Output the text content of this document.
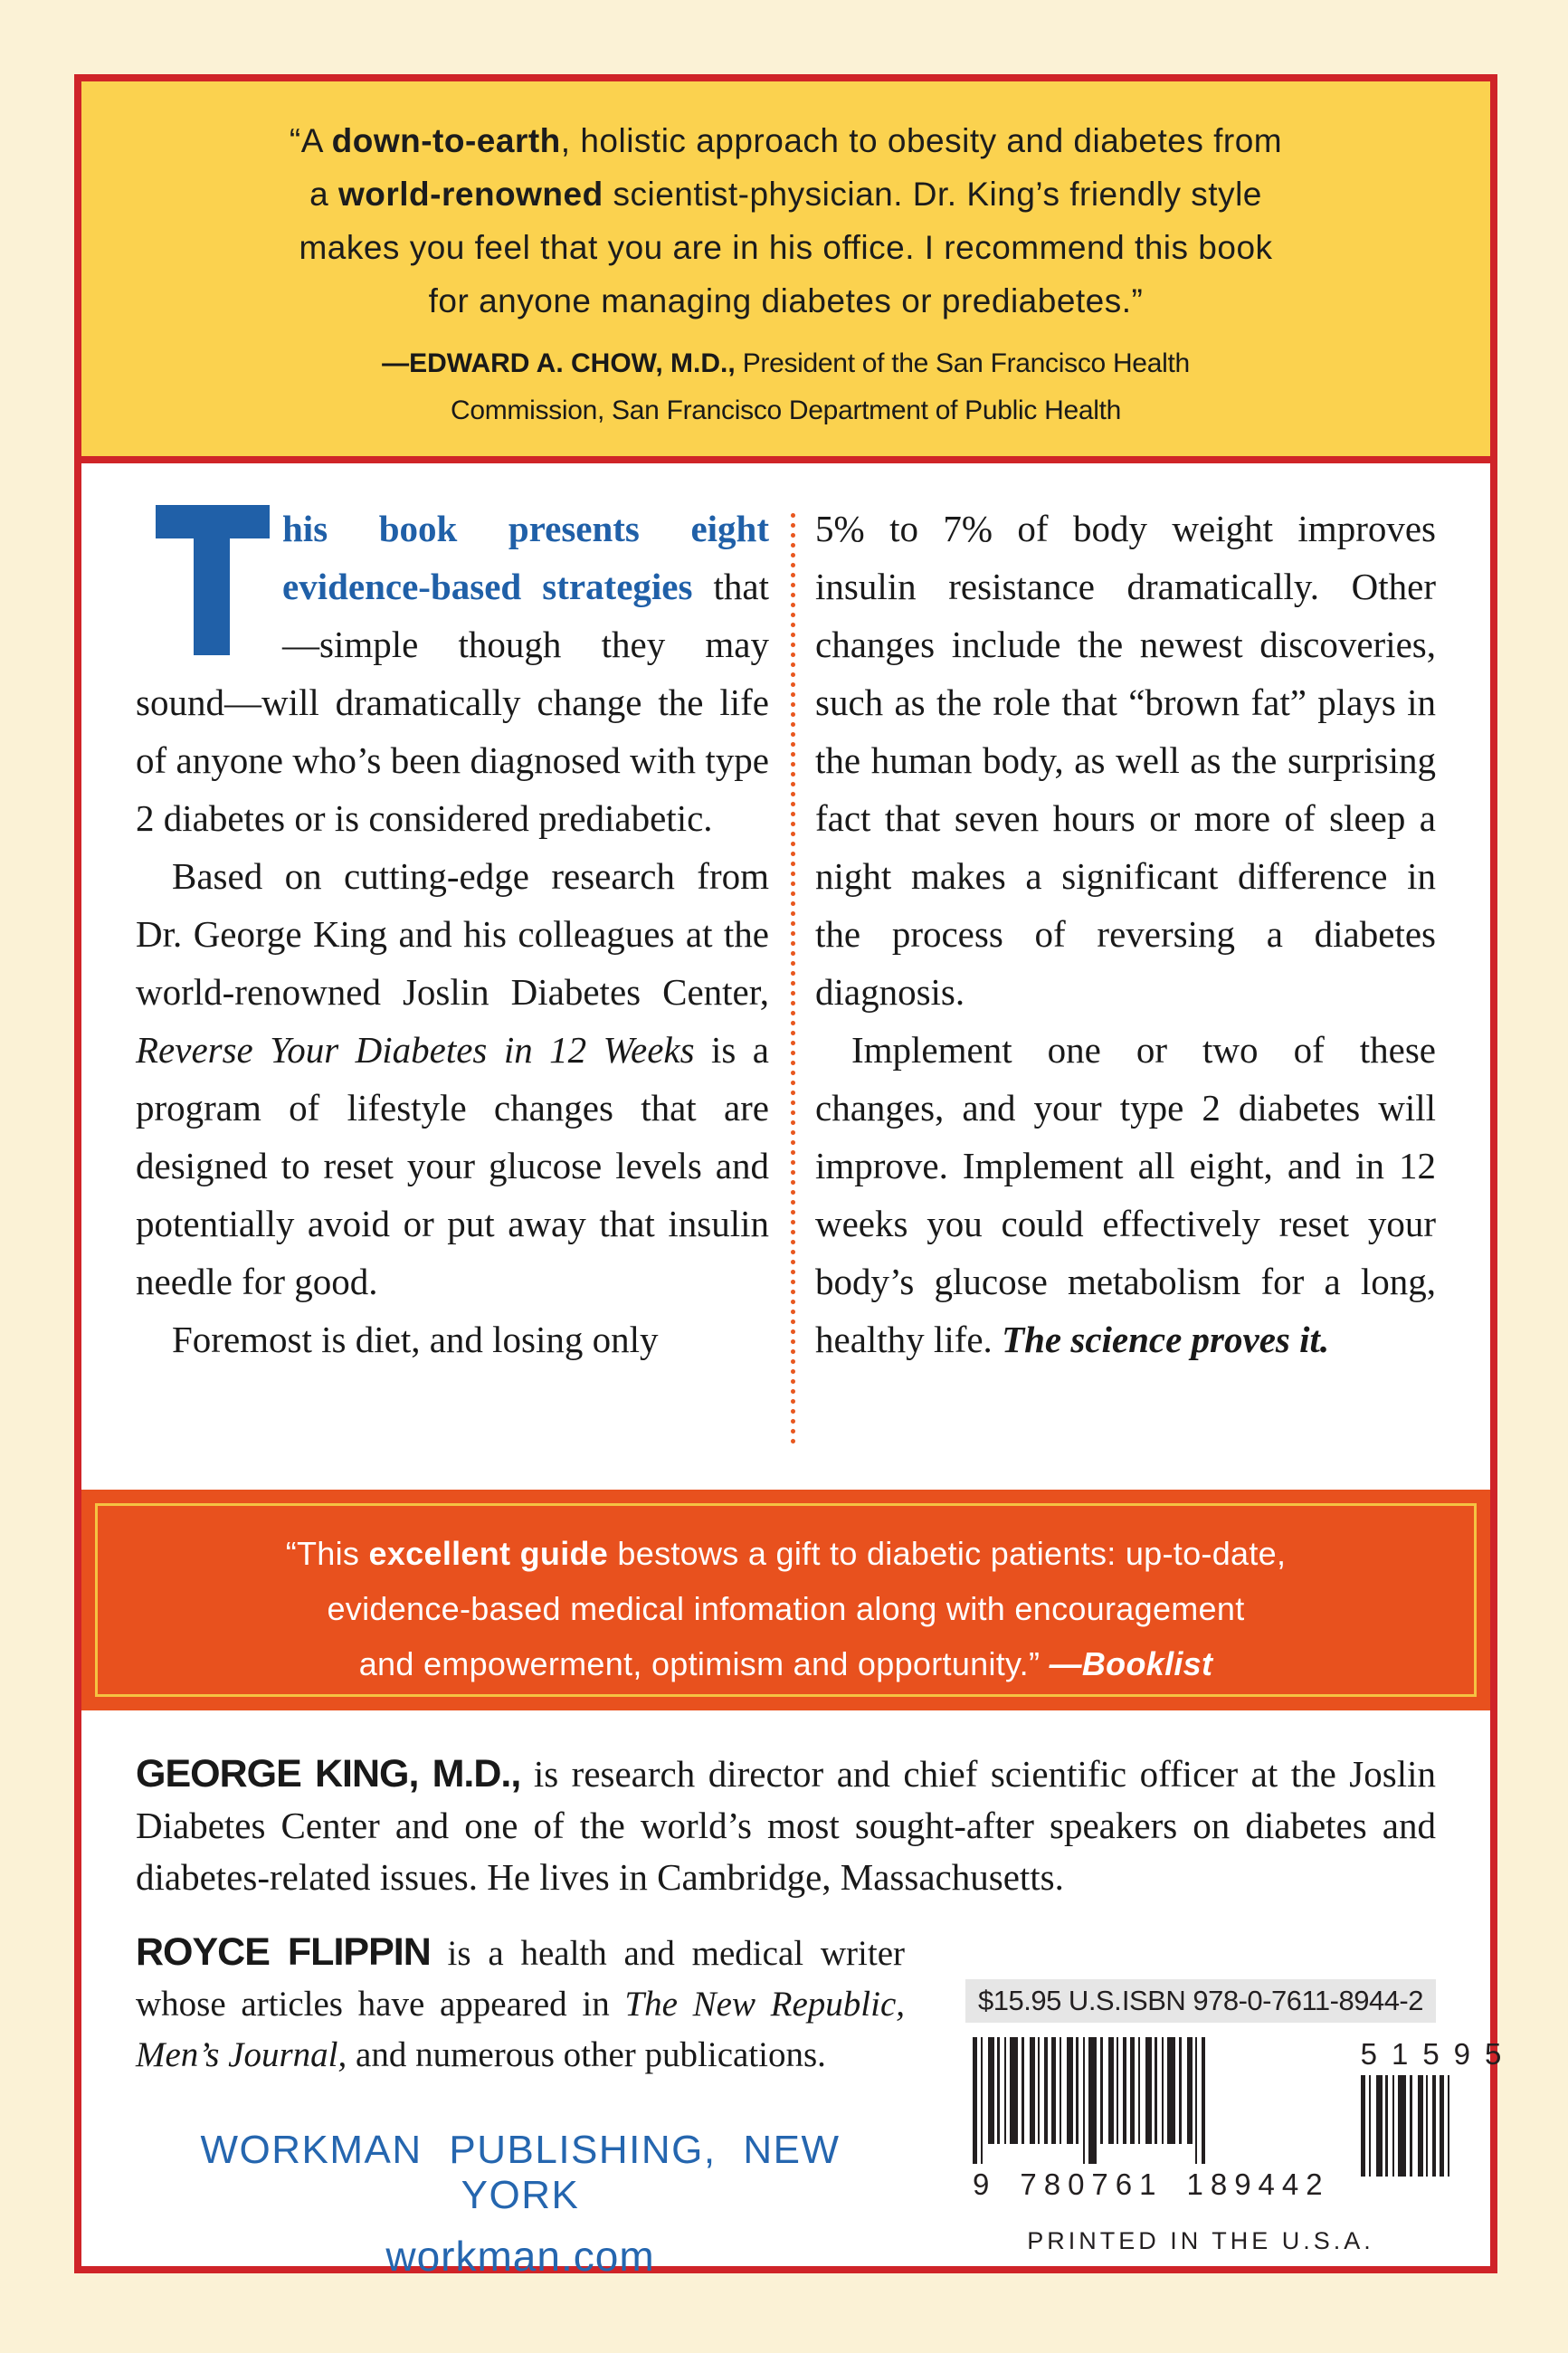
“A down-to-earth, holistic approach to obesity and diabetes from
a world-renowned scientist-physician. Dr. King’s friendly style
makes you feel that you are in his office. I recommend this book
for anyone managing diabetes or prediabetes.”
—EDWARD A. CHOW, M.D., President of the San Francisco Health
Commission, San Francisco Department of Public Health

his book presents eight evidence-based strategies that—simple though they may sound—will dramatically change the life of anyone who’s been diagnosed with type 2 diabetes or is considered prediabetic.

Based on cutting-edge research from Dr. George King and his colleagues at the world-renowned Joslin Diabetes Center, Reverse Your Diabetes in 12 Weeks is a program of lifestyle changes that are designed to reset your glucose levels and potentially avoid or put away that insulin needle for good.

Foremost is diet, and losing only

5% to 7% of body weight improves insulin resistance dramatically. Other changes include the newest discoveries, such as the role that “brown fat” plays in the human body, as well as the surprising fact that seven hours or more of sleep a night makes a significant difference in the process of reversing a diabetes diagnosis.

Implement one or two of these changes, and your type 2 diabetes will improve. Implement all eight, and in 12 weeks you could effectively reset your body’s glucose metabolism for a long, healthy life. The science proves it.

“This excellent guide bestows a gift to diabetic patients: up-to-date,
evidence-based medical infomation along with encouragement
and empowerment, optimism and opportunity.” —Booklist

GEORGE KING, M.D., is research director and chief scientific officer at the Joslin Diabetes Center and one of the world’s most sought-after speakers on diabetes and diabetes-related issues. He lives in Cambridge, Massachusetts.

ROYCE FLIPPIN is a health and medical writer whose articles have appeared in The New Republic, Men’s Journal, and numerous other publications.

WORKMAN PUBLISHING, NEW YORK
workman.com
$15.95 U.S. ISBN 978-0-7611-8944-2
9 780761 189442
51595
PRINTED IN THE U.S.A.
